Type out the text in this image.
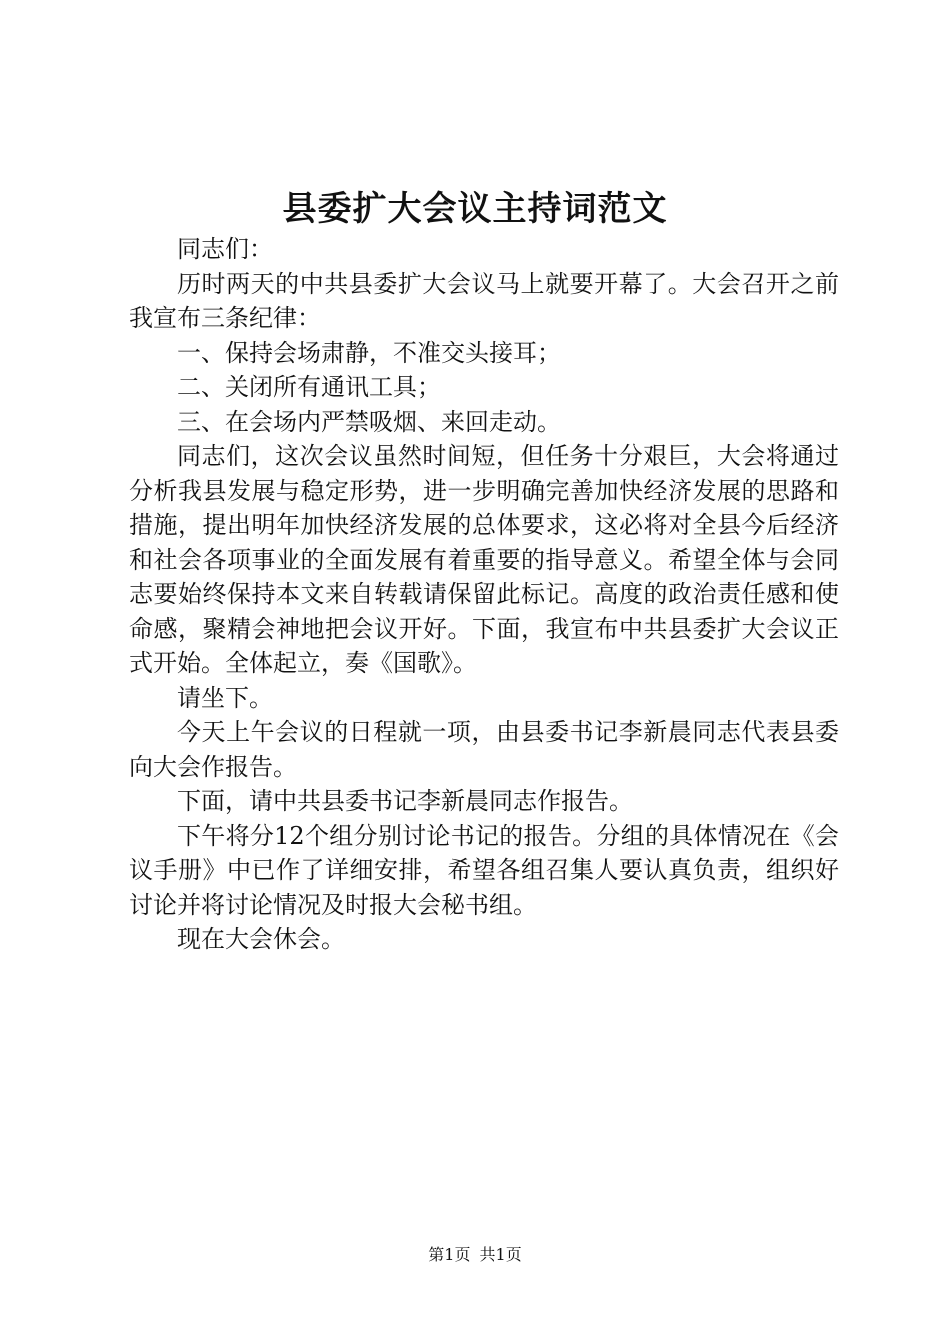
县委扩大会议主持词范文

同志们：

历时两天的中共县委扩大会议马上就要开幕了。大会召开之前我宣布三条纪律：

一、保持会场肃静，不准交头接耳；

二、关闭所有通讯工具；

三、在会场内严禁吸烟、来回走动。

同志们，这次会议虽然时间短，但任务十分艰巨，大会将通过分析我县发展与稳定形势，进一步明确完善加快经济发展的思路和措施，提出明年加快经济发展的总体要求，这必将对全县今后经济和社会各项事业的全面发展有着重要的指导意义。希望全体与会同志要始终保持本文来自转载请保留此标记。高度的政治责任感和使命感，聚精会神地把会议开好。下面，我宣布中共县委扩大会议正式开始。全体起立，奏《国歌》。

请坐下。

今天上午会议的日程就一项，由县委书记李新晨同志代表县委向大会作报告。

下面，请中共县委书记李新晨同志作报告。

下午将分12个组分别讨论书记的报告。分组的具体情况在《会议手册》中已作了详细安排，希望各组召集人要认真负责，组织好讨论并将讨论情况及时报大会秘书组。

现在大会休会。

第1页 共1页
